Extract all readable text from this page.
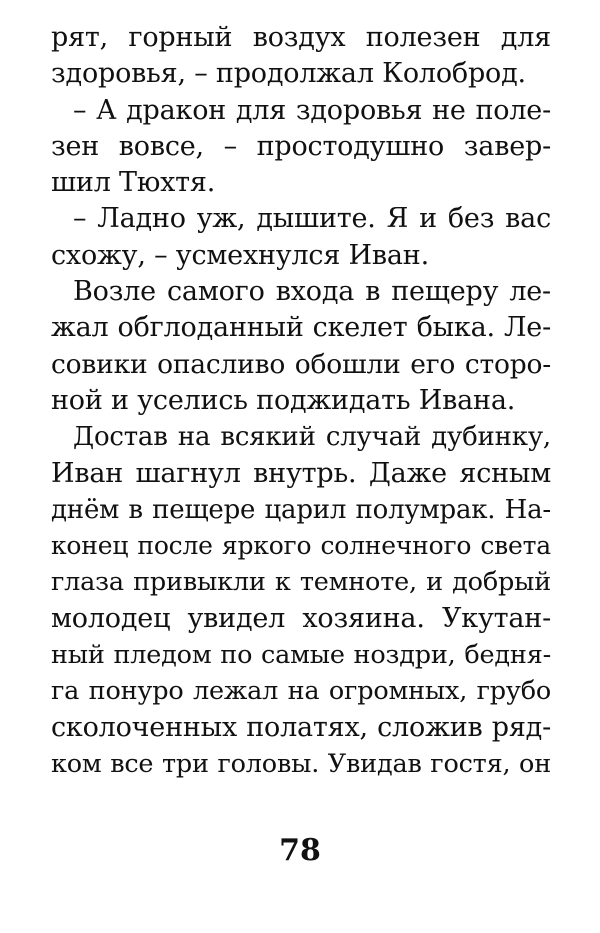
рят, горный воздух полезен для
здоровья, – продолжал Колоброд.
– А дракон для здоровья не поле-
зен вовсе, – простодушно завер-
шил Тюхтя.
– Ладно уж, дышите. Я и без вас
схожу, – усмехнулся Иван.
Возле самого входа в пещеру ле-
жал обглоданный скелет быка. Ле-
совики опасливо обошли его сторо-
ной и уселись поджидать Ивана.
Достав на всякий случай дубинку,
Иван шагнул внутрь. Даже ясным
днём в пещере царил полумрак. На-
конец после яркого солнечного света
глаза привыкли к темноте, и добрый
молодец увидел хозяина. Укутан-
ный пледом по самые ноздри, бедня-
га понуро лежал на огромных, грубо
сколоченных полатях, сложив ряд-
ком все три головы. Увидав гостя, он
78
